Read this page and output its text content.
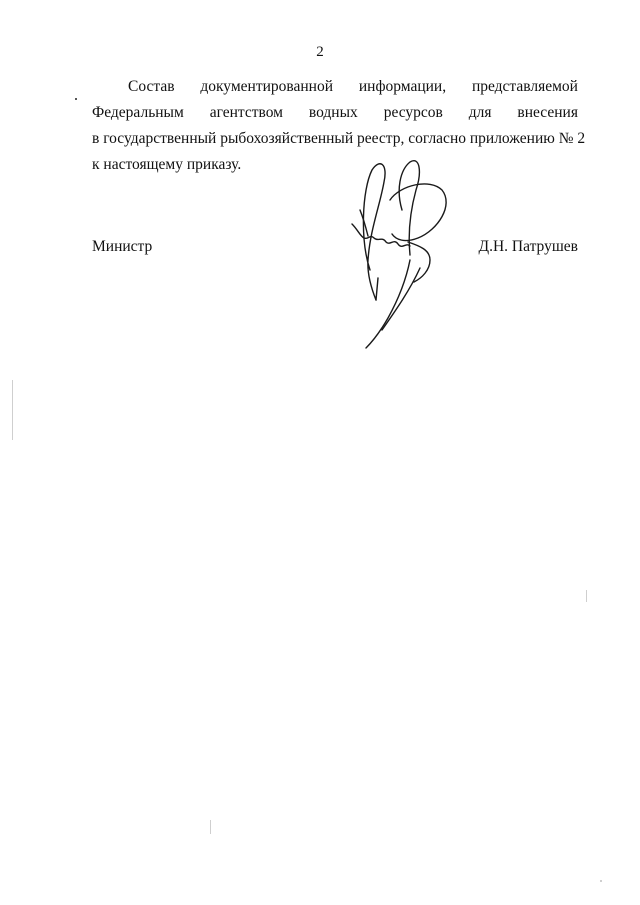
2
Состав документированной информации, представляемой
Федеральным агентством водных ресурсов для внесения
в государственный рыбохозяйственный реестр, согласно приложению № 2
к настоящему приказу.
Министр	Д.Н. Патрушев
